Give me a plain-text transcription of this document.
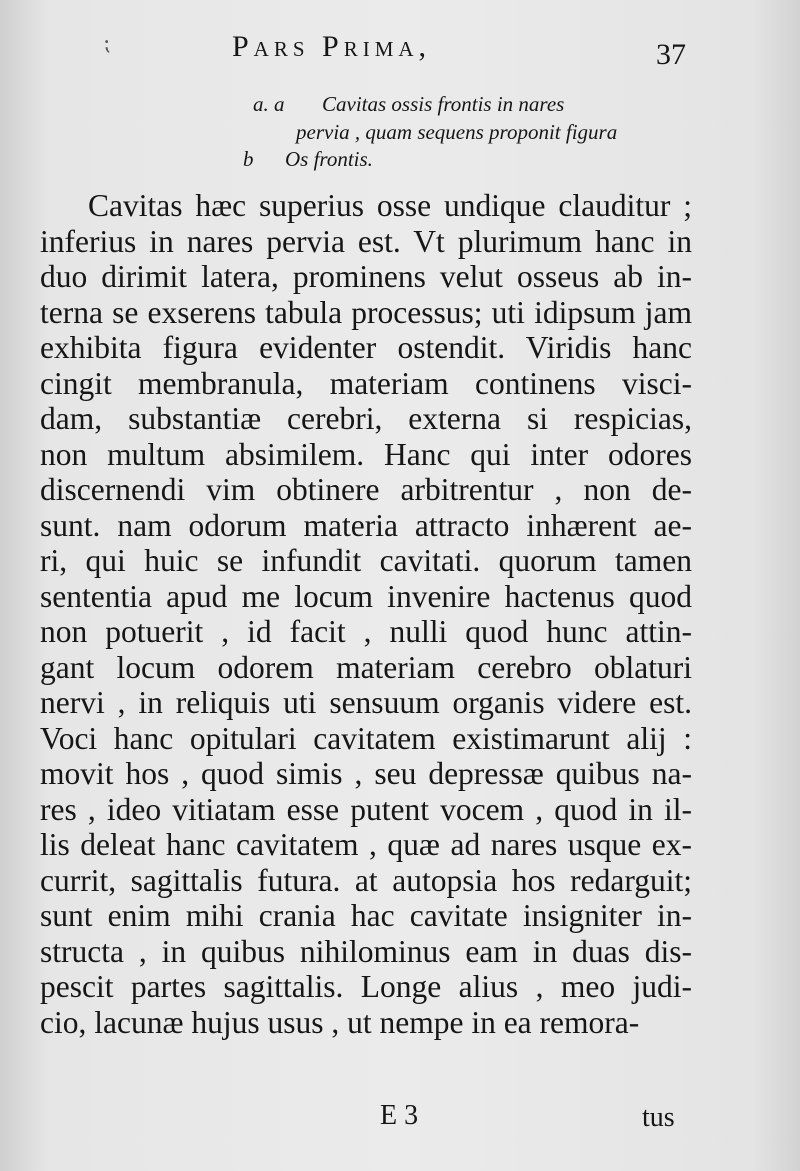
⁏	Pars Prima,	37
a. a Cavitas ossis frontis in nares
pervia , quam sequens proponit figura
b Os frontis.
Cavitas hæc superius osse undique clauditur ;
inferius in nares pervia est. Vt plurimum hanc in
duo dirimit latera, prominens velut osseus ab in-
terna se exserens tabula processus; uti idipsum jam
exhibita figura evidenter ostendit. Viridis hanc
cingit membranula, materiam continens visci-
dam, substantiæ cerebri, externa si respicias,
non multum absimilem. Hanc qui inter odores
discernendi vim obtinere arbitrentur , non de-
sunt. nam odorum materia attracto inhærent ae-
ri, qui huic se infundit cavitati. quorum tamen
sententia apud me locum invenire hactenus quod
non potuerit , id facit , nulli quod hunc attin-
gant locum odorem materiam cerebro oblaturi
nervi , in reliquis uti sensuum organis videre est.
Voci hanc opitulari cavitatem existimarunt alij :
movit hos , quod simis , seu depressæ quibus na-
res , ideo vitiatam esse putent vocem , quod in il-
lis deleat hanc cavitatem , quæ ad nares usque ex-
currit, sagittalis futura. at autopsia hos redarguit;
sunt enim mihi crania hac cavitate insigniter in-
structa , in quibus nihilominus eam in duas dis-
pescit partes sagittalis. Longe alius , meo judi-
cio, lacunæ hujus usus , ut nempe in ea remora-
E 3	tus
